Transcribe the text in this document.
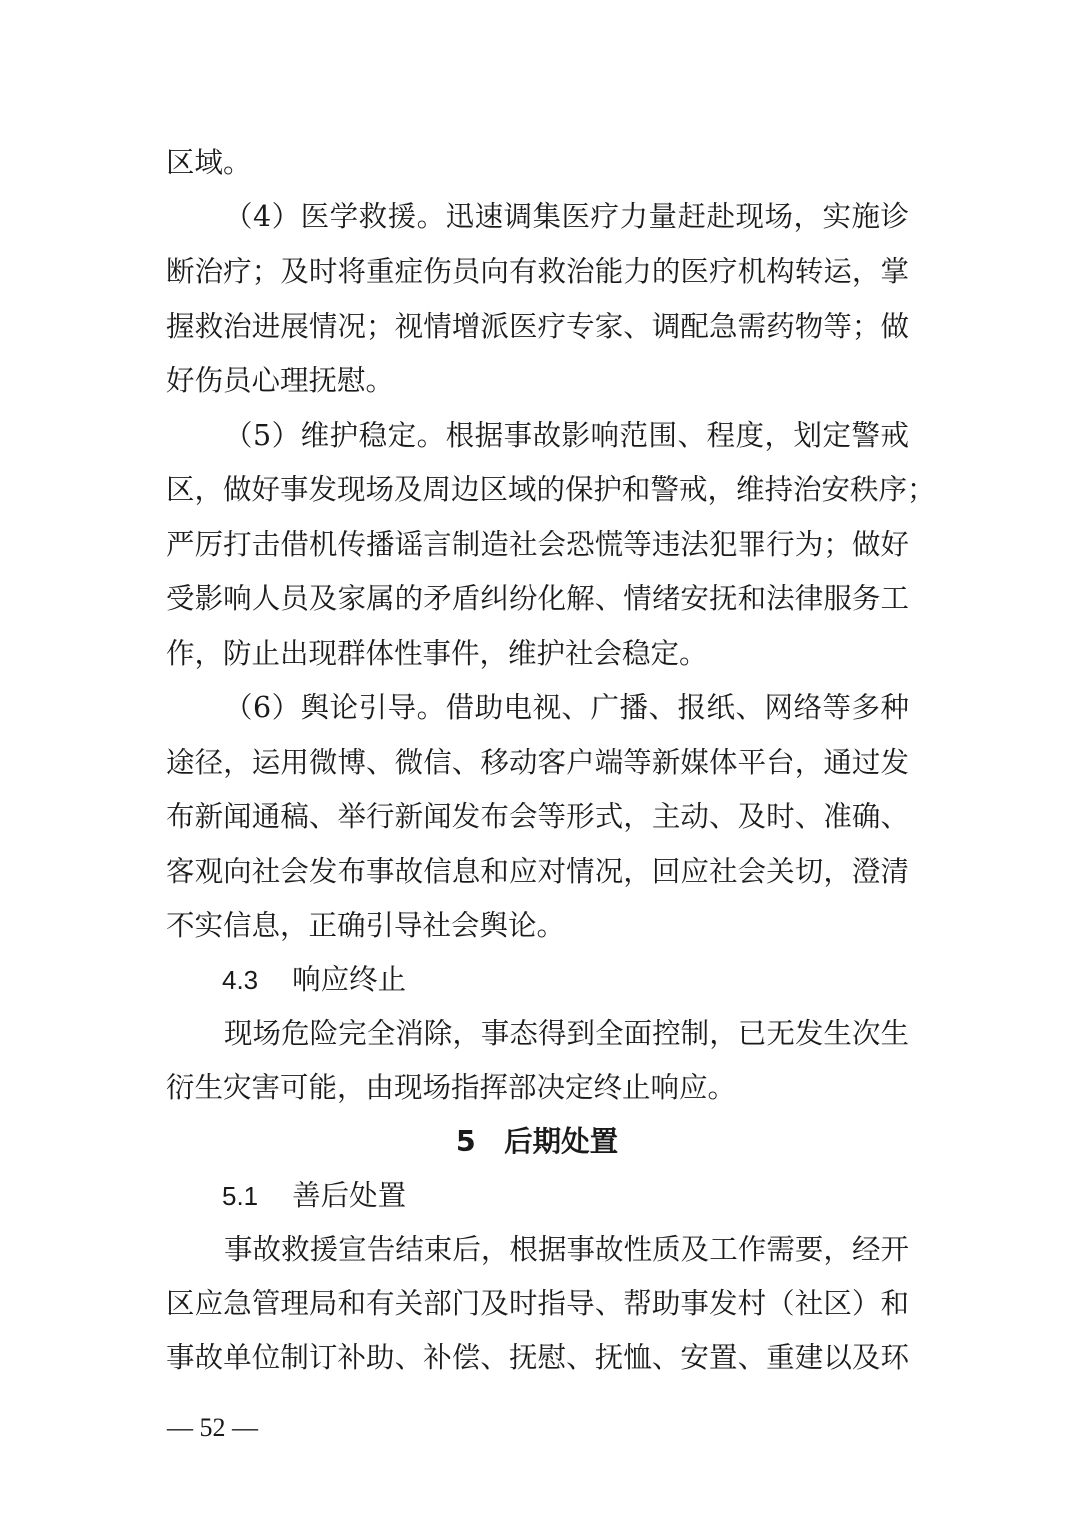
区域。
（4）医学救援。迅速调集医疗力量赶赴现场，实施诊
断治疗；及时将重症伤员向有救治能力的医疗机构转运，掌
握救治进展情况；视情增派医疗专家、调配急需药物等；做
好伤员心理抚慰。
（5）维护稳定。根据事故影响范围、程度，划定警戒
区，做好事发现场及周边区域的保护和警戒，维持治安秩序；
严厉打击借机传播谣言制造社会恐慌等违法犯罪行为；做好
受影响人员及家属的矛盾纠纷化解、情绪安抚和法律服务工
作，防止出现群体性事件，维护社会稳定。
（6）舆论引导。借助电视、广播、报纸、网络等多种
途径，运用微博、微信、移动客户端等新媒体平台，通过发
布新闻通稿、举行新闻发布会等形式，主动、及时、准确、
客观向社会发布事故信息和应对情况，回应社会关切，澄清
不实信息，正确引导社会舆论。
4.3 响应终止
现场危险完全消除，事态得到全面控制，已无发生次生
衍生灾害可能，由现场指挥部决定终止响应。
5　后期处置
5.1 善后处置
事故救援宣告结束后，根据事故性质及工作需要，经开
区应急管理局和有关部门及时指导、帮助事发村（社区）和
事故单位制订补助、补偿、抚慰、抚恤、安置、重建以及环
— 52 —
